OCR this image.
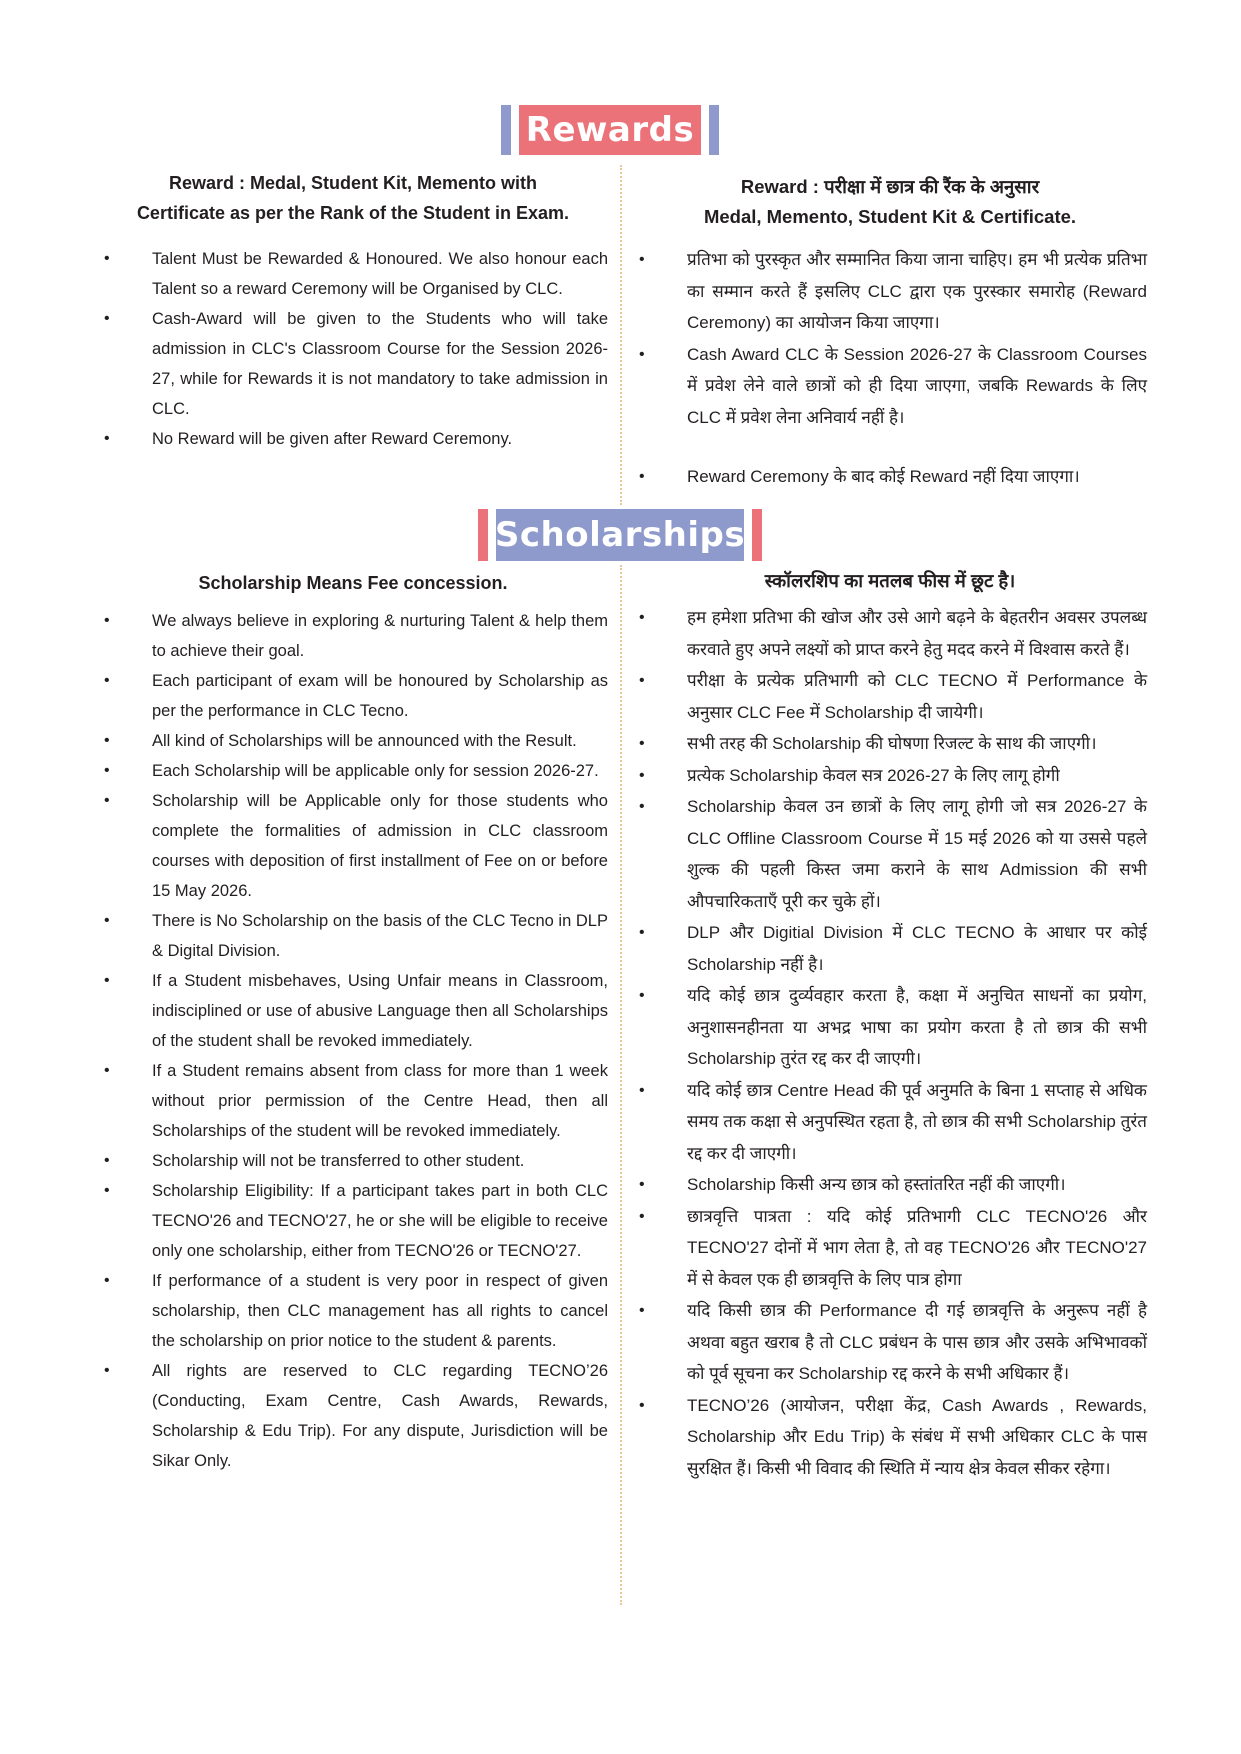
Rewards

Reward : Medal, Student Kit, Memento with
Certificate as per the Rank of the Student in Exam.

• Talent Must be Rewarded & Honoured. We also honour each Talent so a reward Ceremony will be Organised by CLC.
• Cash-Award will be given to the Students who will take admission in CLC's Classroom Course for the Session 2026-27, while for Rewards it is not mandatory to take admission in CLC.
• No Reward will be given after Reward Ceremony.

Reward : परीक्षा में छात्र की रैंक के अनुसार
Medal, Memento, Student Kit & Certificate.

• प्रतिभा को पुरस्कृत और सम्मानित किया जाना चाहिए। हम भी प्रत्येक प्रतिभा का सम्मान करते हैं इसलिए CLC द्वारा एक पुरस्कार समारोह (Reward Ceremony) का आयोजन किया जाएगा।
• Cash Award CLC के Session 2026-27 के Classroom Courses में प्रवेश लेने वाले छात्रों को ही दिया जाएगा, जबकि Rewards के लिए CLC में प्रवेश लेना अनिवार्य नहीं है।
• Reward Ceremony के बाद कोई Reward नहीं दिया जाएगा।
Scholarships

Scholarship Means Fee concession.

• We always believe in exploring & nurturing Talent & help them to achieve their goal.
• Each participant of exam will be honoured by Scholarship as per the performance in CLC Tecno.
• All kind of Scholarships will be announced with the Result.
• Each Scholarship will be applicable only for session 2026-27.
• Scholarship will be Applicable only for those students who complete the formalities of admission in CLC classroom courses with deposition of first installment of Fee on or before 15 May 2026.
• There is No Scholarship on the basis of the CLC Tecno in DLP & Digital Division.
• If a Student misbehaves, Using Unfair means in Classroom, indisciplined or use of abusive Language then all Scholarships of the student shall be revoked immediately.
• If a Student remains absent from class for more than 1 week without prior permission of the Centre Head, then all Scholarships of the student will be revoked immediately.
• Scholarship will not be transferred to other student.
• Scholarship Eligibility: If a participant takes part in both CLC TECNO'26 and TECNO'27, he or she will be eligible to receive only one scholarship, either from TECNO'26 or TECNO'27.
• If performance of a student is very poor in respect of given scholarship, then CLC management has all rights to cancel the scholarship on prior notice to the student & parents.
• All rights are reserved to CLC regarding TECNO’26 (Conducting, Exam Centre, Cash Awards, Rewards, Scholarship & Edu Trip). For any dispute, Jurisdiction will be Sikar Only.

स्कॉलरशिप का मतलब फीस में छूट है।

• हम हमेशा प्रतिभा की खोज और उसे आगे बढ़ने के बेहतरीन अवसर उपलब्ध करवाते हुए अपने लक्ष्यों को प्राप्त करने हेतु मदद करने में विश्वास करते हैं।
• परीक्षा के प्रत्येक प्रतिभागी को CLC TECNO में Performance के अनुसार CLC Fee में Scholarship दी जायेगी।
• सभी तरह की Scholarship की घोषणा रिजल्ट के साथ की जाएगी।
• प्रत्येक Scholarship केवल सत्र 2026-27 के लिए लागू होगी
• Scholarship केवल उन छात्रों के लिए लागू होगी जो सत्र 2026-27 के CLC Offline Classroom Course में 15 मई 2026 को या उससे पहले शुल्क की पहली किस्त जमा कराने के साथ Admission की सभी औपचारिकताएँ पूरी कर चुके हों।
• DLP और Digitial Division में CLC TECNO के आधार पर कोई Scholarship नहीं है।
• यदि कोई छात्र दुर्व्यवहार करता है, कक्षा में अनुचित साधनों का प्रयोग, अनुशासनहीनता या अभद्र भाषा का प्रयोग करता है तो छात्र की सभी Scholarship तुरंत रद्द कर दी जाएगी।
• यदि कोई छात्र Centre Head की पूर्व अनुमति के बिना 1 सप्ताह से अधिक समय तक कक्षा से अनुपस्थित रहता है, तो छात्र की सभी Scholarship तुरंत रद्द कर दी जाएगी।
• Scholarship किसी अन्य छात्र को हस्तांतरित नहीं की जाएगी।
• छात्रवृत्ति पात्रता : यदि कोई प्रतिभागी CLC TECNO'26 और TECNO'27 दोनों में भाग लेता है, तो वह TECNO'26 और TECNO'27 में से केवल एक ही छात्रवृत्ति के लिए पात्र होगा
• यदि किसी छात्र की Performance दी गई छात्रवृत्ति के अनुरूप नहीं है अथवा बहुत खराब है तो CLC प्रबंधन के पास छात्र और उसके अभिभावकों को पूर्व सूचना कर Scholarship रद्द करने के सभी अधिकार हैं।
• TECNO’26 (आयोजन, परीक्षा केंद्र, Cash Awards , Rewards, Scholarship और Edu Trip) के संबंध में सभी अधिकार CLC के पास सुरक्षित हैं। किसी भी विवाद की स्थिति में न्याय क्षेत्र केवल सीकर रहेगा।
